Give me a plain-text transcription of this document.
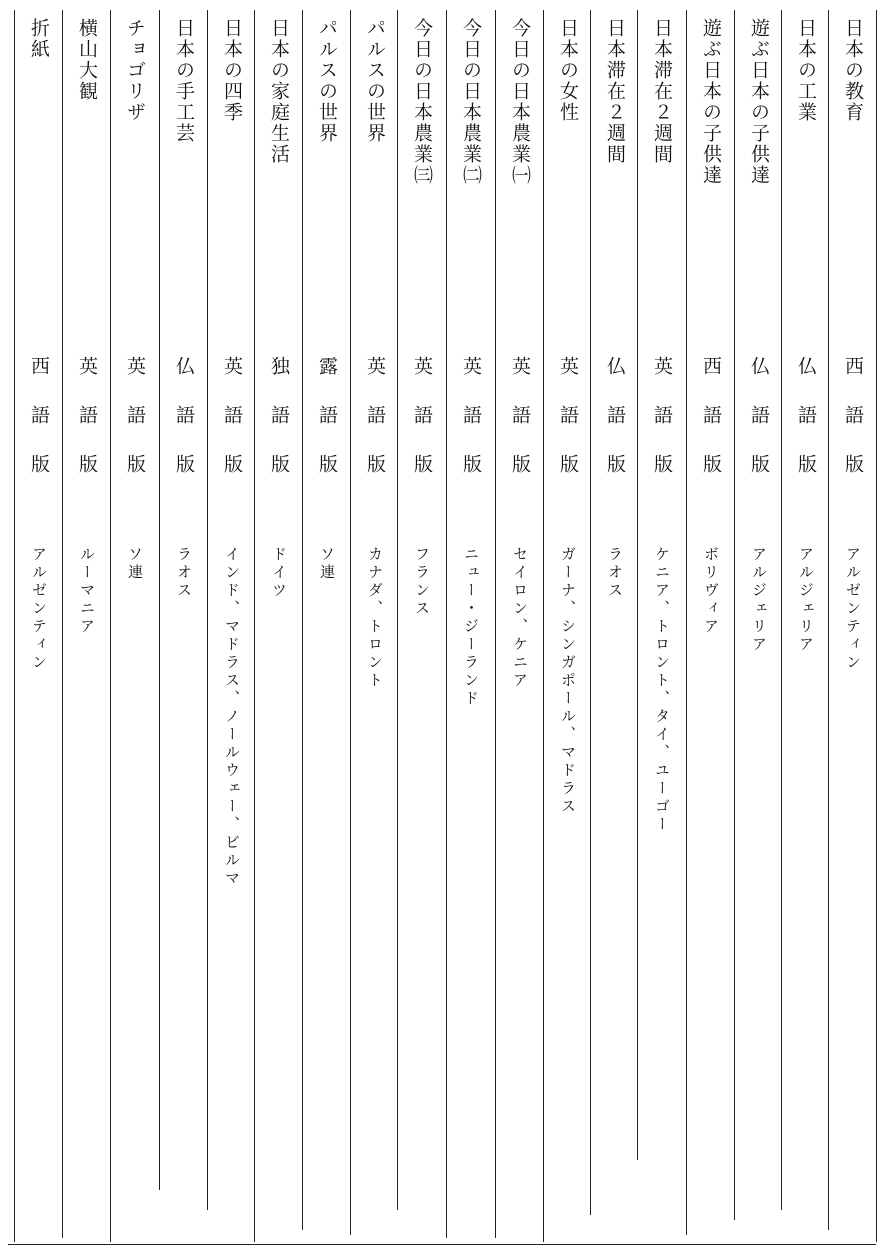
日本の教育
西語版
アルゼンティン
日本の工業
仏語版
アルジェリア
遊ぶ日本の子供達
仏語版
アルジェリア
遊ぶ日本の子供達
西語版
ボリヴィア
日本滞在２週間
英語版
ケニア、トロント、タイ、ユーゴー
日本滞在２週間
仏語版
ラオス
日本の女性
英語版
ガーナ、シンガポール、マドラス
今日の日本農業㈠
英語版
セイロン、ケニア
今日の日本農業㈡
英語版
ニュー・ジーランド
今日の日本農業㈢
英語版
フランス
パルスの世界
英語版
カナダ、トロント
パルスの世界
露語版
ソ連
日本の家庭生活
独語版
ドイツ
日本の四季
英語版
インド、マドラス、ノールウェー、ビルマ
日本の手工芸
仏語版
ラオス
チョゴリザ
英語版
ソ連
横山大観
英語版
ルーマニア
折紙
西語版
アルゼンティン
